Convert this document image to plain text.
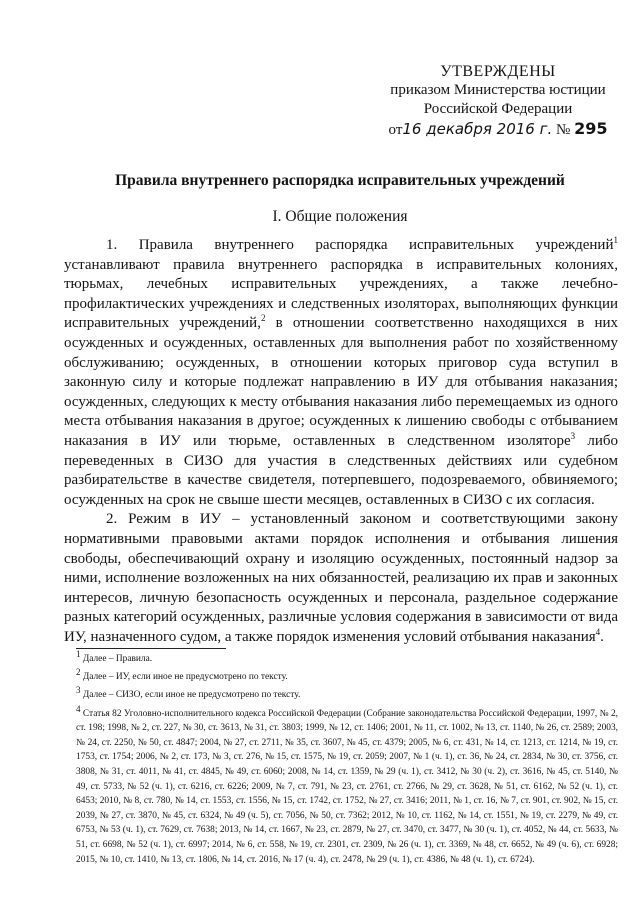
УТВЕРЖДЕНЫ
приказом Министерства юстиции
Российской Федерации
от16 декабря 2016 г. № 295
Правила внутреннего распорядка исправительных учреждений
I. Общие положения

1. Правила внутреннего распорядка исправительных учреждений$^1$ устанавливают правила внутреннего распорядка в исправительных колониях, тюрьмах, лечебных исправительных учреждениях, а также лечебно-профилактических учреждениях и следственных изоляторах, выполняющих функции исправительных учреждений,$^2$ в отношении соответственно находящихся в них осужденных и осужденных, оставленных для выполнения работ по хозяйственному обслуживанию; осужденных, в отношении которых приговор суда вступил в законную силу и которые подлежат направлению в ИУ для отбывания наказания; осужденных, следующих к месту отбывания наказания либо перемещаемых из одного места отбывания наказания в другое; осужденных к лишению свободы с отбыванием наказания в ИУ или тюрьме, оставленных в следственном изоляторе$^3$ либо переведенных в СИЗО для участия в следственных действиях или судебном разбирательстве в качестве свидетеля, потерпевшего, подозреваемого, обвиняемого; осужденных на срок не свыше шести месяцев, оставленных в СИЗО с их согласия.

2. Режим в ИУ – установленный законом и соответствующими закону нормативными правовыми актами порядок исполнения и отбывания лишения свободы, обеспечивающий охрану и изоляцию осужденных, постоянный надзор за ними, исполнение возложенных на них обязанностей, реализацию их прав и законных интересов, личную безопасность осужденных и персонала, раздельное содержание разных категорий осужденных, различные условия содержания в зависимости от вида ИУ, назначенного судом, а также порядок изменения условий отбывания наказания$^4$.

$^1$ Далее – Правила.

$^2$ Далее – ИУ, если иное не предусмотрено по тексту.

$^3$ Далее – СИЗО, если иное не предусмотрено по тексту.

$^4$ Статья 82 Уголовно-исполнительного кодекса Российской Федерации (Собрание законодательства Российской Федерации, 1997, № 2, ст. 198; 1998, № 2, ст. 227, № 30, ст. 3613, № 31, ст. 3803; 1999, № 12, ст. 1406; 2001, № 11, ст. 1002, № 13, ст. 1140, № 26, ст. 2589; 2003, № 24, ст. 2250, № 50, ст. 4847; 2004, № 27, ст. 2711, № 35, ст. 3607, № 45, ст. 4379; 2005, № 6, ст. 431, № 14, ст. 1213, ст. 1214, № 19, ст. 1753, ст. 1754; 2006, № 2, ст. 173, № 3, ст. 276, № 15, ст. 1575, № 19, ст. 2059; 2007, № 1 (ч. 1), ст. 36, № 24, ст. 2834, № 30, ст. 3756, ст. 3808, № 31, ст. 4011, № 41, ст. 4845, № 49, ст. 6060; 2008, № 14, ст. 1359, № 29 (ч. 1), ст. 3412, № 30 (ч. 2), ст. 3616, № 45, ст. 5140, № 49, ст. 5733, № 52 (ч. 1), ст. 6216, ст. 6226; 2009, № 7, ст. 791, № 23, ст. 2761, ст. 2766, № 29, ст. 3628, № 51, ст. 6162, № 52 (ч. 1), ст. 6453; 2010, № 8, ст. 780, № 14, ст. 1553, ст. 1556, № 15, ст. 1742, ст. 1752, № 27, ст. 3416; 2011, № 1, ст. 16, № 7, ст. 901, ст. 902, № 15, ст. 2039, № 27, ст. 3870, № 45, ст. 6324, № 49 (ч. 5), ст. 7056, № 50, ст. 7362; 2012, № 10, ст. 1162, № 14, ст. 1551, № 19, ст. 2279, № 49, ст. 6753, № 53 (ч. 1), ст. 7629, ст. 7638; 2013, № 14, ст. 1667, № 23, ст. 2879, № 27, ст. 3470, ст. 3477, № 30 (ч. 1), ст. 4052, № 44, ст. 5633, № 51, ст. 6698, № 52 (ч. 1), ст. 6997; 2014, № 6, ст. 558, № 19, ст. 2301, ст. 2309, № 26 (ч. 1), ст. 3369, № 48, ст. 6652, № 49 (ч. 6), ст. 6928; 2015, № 10, ст. 1410, № 13, ст. 1806, № 14, ст. 2016, № 17 (ч. 4), ст. 2478, № 29 (ч. 1), ст. 4386, № 48 (ч. 1), ст. 6724).
